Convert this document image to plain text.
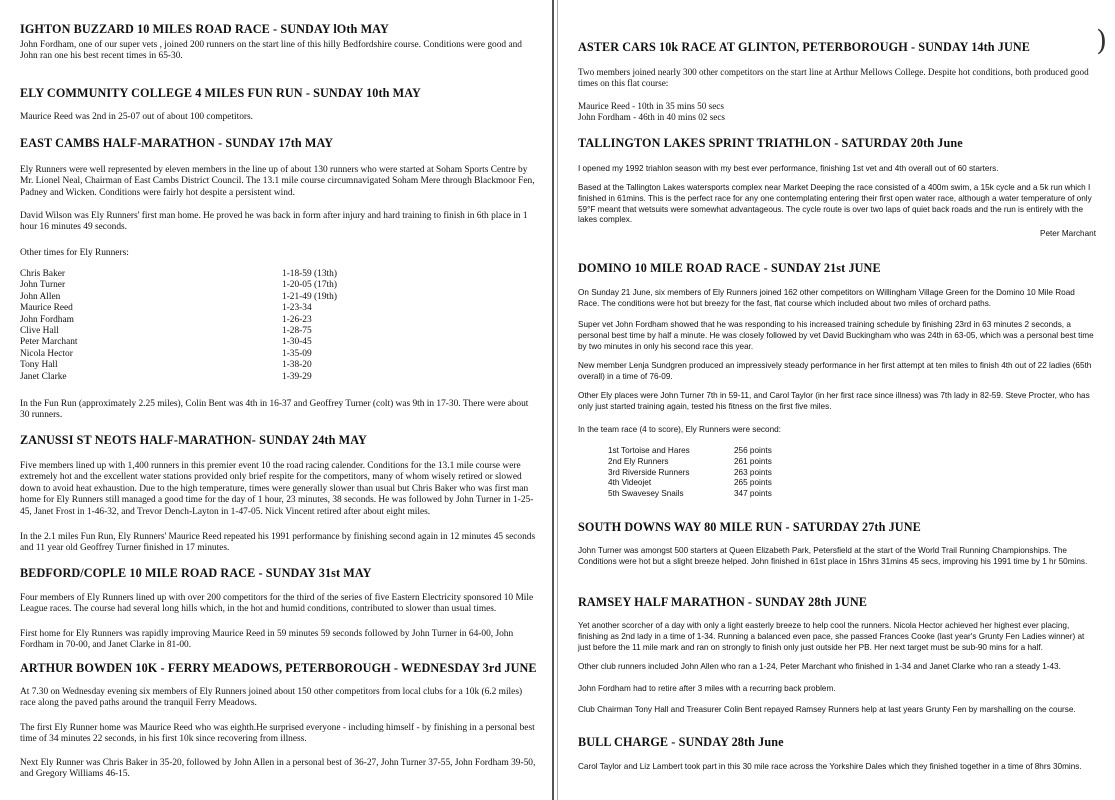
IGHTON BUZZARD 10 MILES ROAD RACE - SUNDAY lOth MAY

John Fordham, one of our super vets , joined 200 runners on the start line of this hilly Bedfordshire course. Conditions were good and John ran one his best recent times in 65-30.

ELY COMMUNITY COLLEGE 4 MILES FUN RUN - SUNDAY 10th MAY

Maurice Reed was 2nd in 25-07 out of about 100 competitors.

EAST CAMBS HALF-MARATHON - SUNDAY 17th MAY

Ely Runners were well represented by eleven members in the line up of about 130 runners who were started at Soham Sports Centre by Mr. Lionel Neal, Chairman of East Cambs District Council. The 13.1 mile course circumnavigated Soham Mere through Blackmoor Fen, Padney and Wicken. Conditions were fairly hot despite a persistent wind.

David Wilson was Ely Runners' first man home. He proved he was back in form after injury and hard training to finish in 6th place in 1 hour 16 minutes 49 seconds.

Other times for Ely Runners:

Chris Baker	1-18-59 (13th)
John Turner	1-20-05 (17th)
John Allen	1-21-49 (19th)
Maurice Reed	1-23-34
John Fordham	1-26-23
Clive Hall	1-28-75
Peter Marchant	1-30-45
Nicola Hector	1-35-09
Tony Hall	1-38-20
Janet Clarke	1-39-29

In the Fun Run (approximately 2.25 miles), Colin Bent was 4th in 16-37 and Geoffrey Turner (colt) was 9th in 17-30. There were about 30 runners.

ZANUSSI ST NEOTS HALF-MARATHON- SUNDAY 24th MAY

Five members lined up with 1,400 runners in this premier event 10 the road racing calender. Conditions for the 13.1 mile course were extremely hot and the excellent water stations provided only brief respite for the competitors, many of whom wisely retired or slowed down to avoid heat exhaustion. Due to the high temperature, times were generally slower than usual but Chris Baker who was first man home for Ely Runners still managed a good time for the day of 1 hour, 23 minutes, 38 seconds. He was followed by John Turner in 1-25-45, Janet Frost in 1-46-32, and Trevor Dench-Layton in 1-47-05. Nick Vincent retired after about eight miles.

In the 2.1 miles Fun Run, Ely Runners' Maurice Reed repeated his 1991 performance by finishing second again in 12 minutes 45 seconds and 11 year old Geoffrey Turner finished in 17 minutes.

BEDFORD/COPLE 10 MILE ROAD RACE - SUNDAY 31st MAY

Four members of Ely Runners lined up with over 200 competitors for the third of the series of five Eastern Electricity sponsored 10 Mile League races. The course had several long hills which, in the hot and humid conditions, contributed to slower than usual times.

First home for Ely Runners was rapidly improving Maurice Reed in 59 minutes 59 seconds followed by John Turner in 64-00, John Fordham in 70-00, and Janet Clarke in 81-00.

ARTHUR BOWDEN 10K - FERRY MEADOWS, PETERBOROUGH - WEDNESDAY 3rd JUNE

At 7.30 on Wednesday evening six members of Ely Runners joined about 150 other competitors from local clubs for a 10k (6.2 miles) race along the paved paths around the tranquil Ferry Meadows.

The first Ely Runner home was Maurice Reed who was eighth.He surprised everyone - including himself - by finishing in a personal best time of 34 minutes 22 seconds, in his first 10k since recovering from illness.

Next Ely Runner was Chris Baker in 35-20, followed by John Allen in a personal best of 36-27, John Turner 37-55, John Fordham 39-50, and Gregory Williams 46-15.

)
ASTER CARS 10k RACE AT GLINTON, PETERBOROUGH - SUNDAY 14th JUNE

Two members joined nearly 300 other competitors on the start line at Arthur Mellows College. Despite hot conditions, both produced good times on this flat course:

Maurice Reed - 10th in 35 mins 50 secs

John Fordham - 46th in 40 mins 02 secs

TALLINGTON LAKES SPRINT TRIATHLON - SATURDAY 20th June

I opened my 1992 triahlon season with my best ever performance, finishing 1st vet and 4th overall out of 60 starters.

Based at the Tallington Lakes watersports complex near Market Deeping the race consisted of a 400m swim, a 15k cycle and a 5k run which I finished in 61mins. This is the perfect race for any one contemplating entering their first open water race, although a water temperature of only 59°F meant that wetsuits were somewhat advantageous. The cycle route is over two laps of quiet back roads and the run is entirely with the lakes complex.

Peter Marchant

DOMINO 10 MILE ROAD RACE - SUNDAY 21st JUNE

On Sunday 21 June, six members of Ely Runners joined 162 other competitors on Willingham Village Green for the Domino 10 Mile Road Race. The conditions were hot but breezy for the fast, flat course which included about two miles of orchard paths.

Super vet John Fordham showed that he was responding to his increased training schedule by finishing 23rd in 63 minutes 2 seconds, a personal best time by half a minute. He was closely followed by vet David Buckingham who was 24th in 63-05, which was a personal best time by two minutes in only his second race this year.

New member Lenja Sundgren produced an impressively steady performance in her first attempt at ten miles to finish 4th out of 22 ladies (65th overall) in a time of 76-09.

Other Ely places were John Turner 7th in 59-11, and Carol Taylor (in her first race since illness) was 7th lady in 82-59. Steve Procter, who has only just started training again, tested his fitness on the first five miles.

In the team race (4 to score), Ely Runners were second:

1st Tortoise and Hares	256 points
2nd Ely Runners	261 points
3rd Riverside Runners	263 points
4th Videojet	265 points
5th Swavesey Snails	347 points
SOUTH DOWNS WAY 80 MILE RUN - SATURDAY 27th JUNE

John Turner was amongst 500 starters at Queen Elizabeth Park, Petersfield at the start of the World Trail Running Championships. The Conditions were hot but a slight breeze helped. John finished in 61st place in 15hrs 31mins 45 secs, improving his 1991 time by 1 hr 50mins.

RAMSEY HALF MARATHON - SUNDAY 28th JUNE

Yet another scorcher of a day with only a light easterly breeze to help cool the runners. Nicola Hector achieved her highest ever placing, finishing as 2nd lady in a time of 1-34. Running a balanced even pace, she passed Frances Cooke (last year's Grunty Fen Ladies winner) at just before the 11 mile mark and ran on strongly to finish only just outside her PB. Her next target must be sub-90 mins for a half.

Other club runners included John Allen who ran a 1-24, Peter Marchant who finished in 1-34 and Janet Clarke who ran a steady 1-43.

John Fordham had to retire after 3 miles with a recurring back problem.

Club Chairman Tony Hall and Treasurer Colin Bent repayed Ramsey Runners help at last years Grunty Fen by marshalling on the course.

BULL CHARGE - SUNDAY 28th June

Carol Taylor and Liz Lambert took part in this 30 mile race across the Yorkshire Dales which they finished together in a time of 8hrs 30mins.
